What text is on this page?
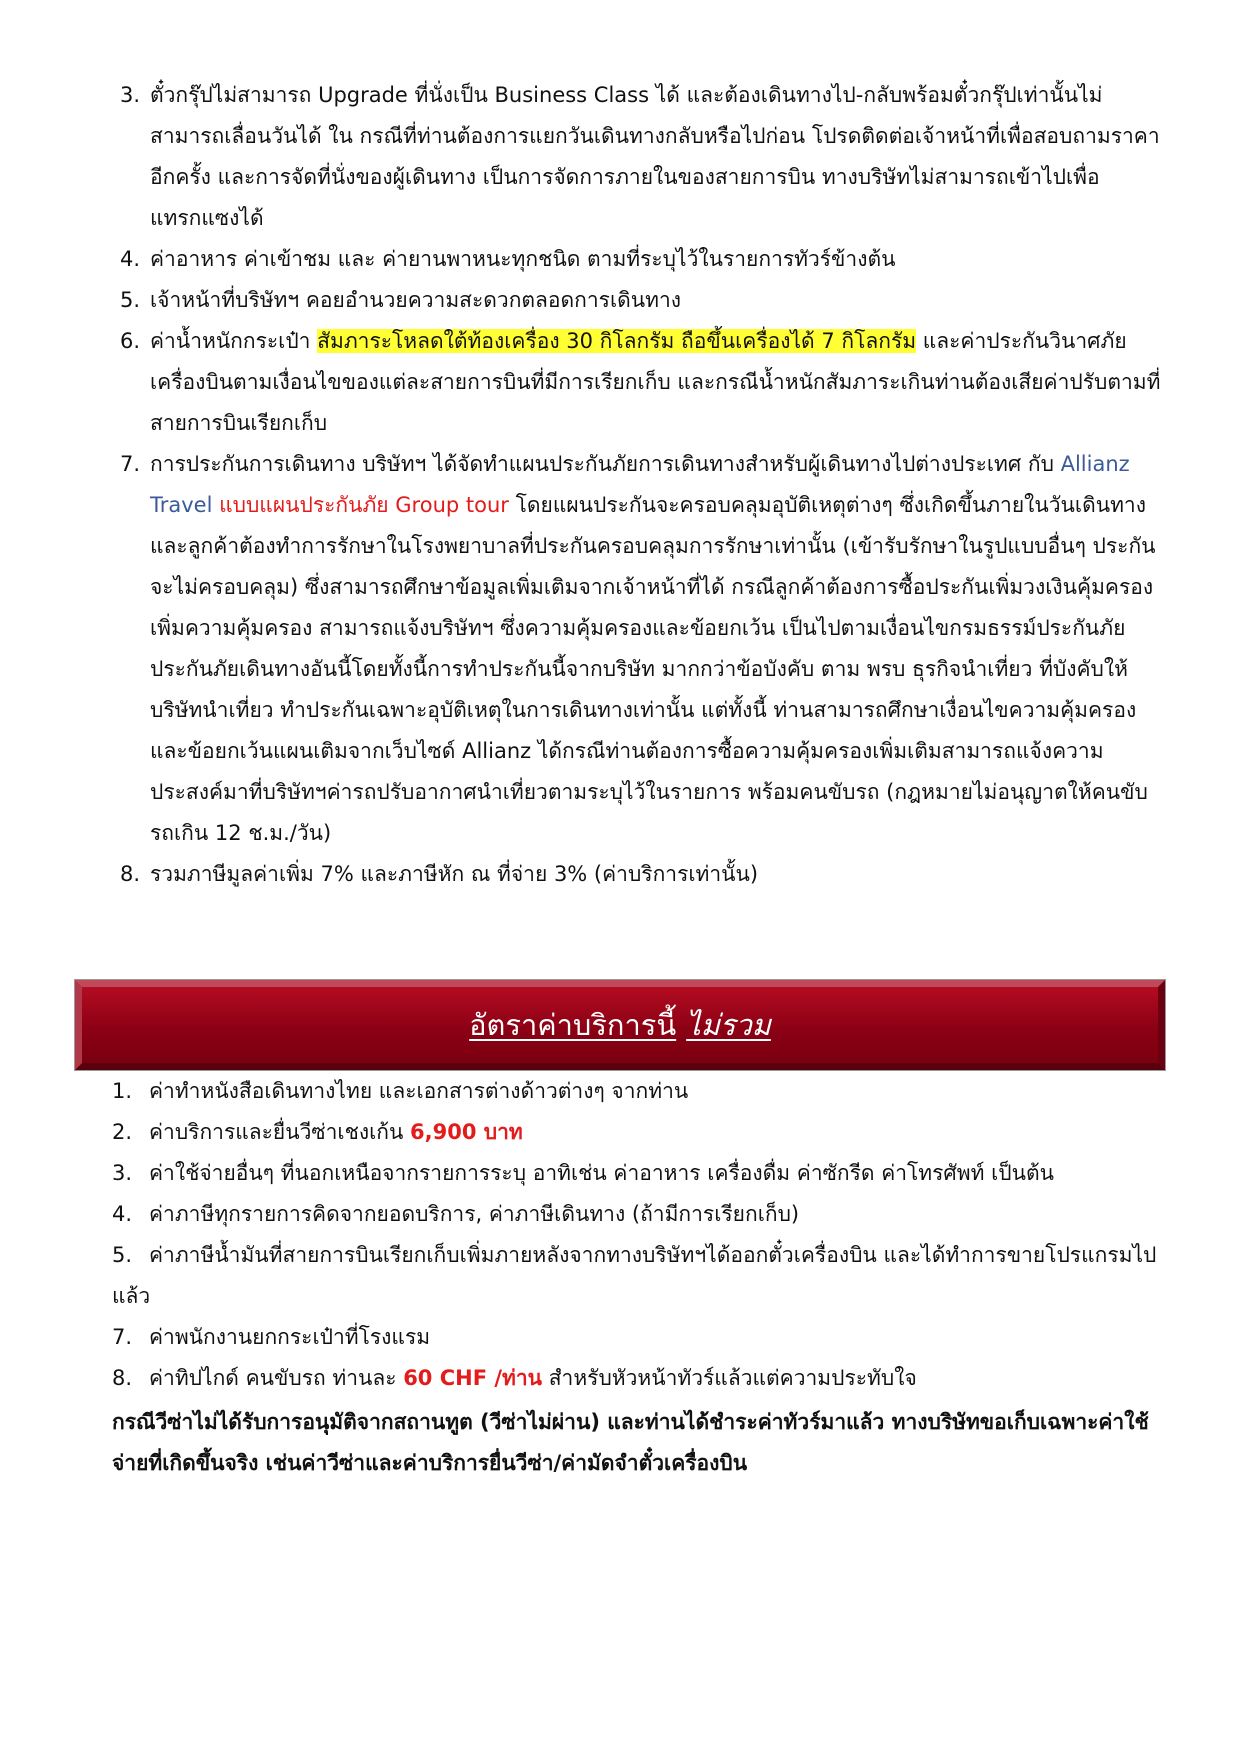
3. ตั๋วกรุ๊ปไม่สามารถ Upgrade ที่นั่งเป็น Business Class ได้ และต้องเดินทางไป-กลับพร้อมตั๋วกรุ๊ปเท่านั้นไม่สามารถเลื่อนวันได้ ใน กรณีที่ท่านต้องการแยกวันเดินทางกลับหรือไปก่อน โปรดติดต่อเจ้าหน้าที่เพื่อสอบถามราคาอีกครั้ง และการจัดที่นั่งของผู้เดินทาง เป็นการจัดการภายในของสายการบิน ทางบริษัทไม่สามารถเข้าไปเพื่อแทรกแซงได้
4. ค่าอาหาร ค่าเข้าชม และ ค่ายานพาหนะทุกชนิด ตามที่ระบุไว้ในรายการทัวร์ข้างต้น
5. เจ้าหน้าที่บริษัทฯ คอยอำนวยความสะดวกตลอดการเดินทาง
6. ค่าน้ำหนักกระเป๋า สัมภาระโหลดใต้ท้องเครื่อง 30 กิโลกรัม ถือขึ้นเครื่องได้ 7 กิโลกรัม และค่าประกันวินาศภัยเครื่องบินตามเงื่อนไขของแต่ละสายการบินที่มีการเรียกเก็บ และกรณีน้ำหนักสัมภาระเกินท่านต้องเสียค่าปรับตามที่สายการบินเรียกเก็บ
7. การประกันการเดินทาง บริษัทฯ ได้จัดทำแผนประกันภัยการเดินทางสำหรับผู้เดินทางไปต่างประเทศ กับ Allianz Travel แบบแผนประกันภัย Group tour โดยแผนประกันจะครอบคลุมอุบัติเหตุต่างๆ ซึ่งเกิดขึ้นภายในวันเดินทาง และลูกค้าต้องทำการรักษาในโรงพยาบาลที่ประกันครอบคลุมการรักษาเท่านั้น (เข้ารับรักษาในรูปแบบอื่นๆ ประกันจะไม่ครอบคลุม) ซึ่งสามารถศึกษาข้อมูลเพิ่มเติมจากเจ้าหน้าที่ได้ กรณีลูกค้าต้องการซื้อประกันเพิ่มวงเงินคุ้มครอง เพิ่มความคุ้มครอง สามารถแจ้งบริษัทฯ ซึ่งความคุ้มครองและข้อยกเว้น เป็นไปตามเงื่อนไขกรมธรรม์ประกันภัย ประกันภัยเดินทางอันนี้โดยทั้งนี้การทำประกันนี้จากบริษัท มากกว่าข้อบังคับ ตาม พรบ ธุรกิจนำเที่ยว ที่บังคับให้บริษัทนำเที่ยว ทำประกันเฉพาะอุบัติเหตุในการเดินทางเท่านั้น แต่ทั้งนี้ ท่านสามารถศึกษาเงื่อนไขความคุ้มครองและข้อยกเว้นแผนเติมจากเว็บไซด์ Allianz ได้กรณีท่านต้องการซื้อความคุ้มครองเพิ่มเติมสามารถแจ้งความประสงค์มาที่บริษัทฯค่ารถปรับอากาศนำเที่ยวตามระบุไว้ในรายการ พร้อมคนขับรถ (กฎหมายไม่อนุญาตให้คนขับรถเกิน 12 ช.ม./วัน)
8. รวมภาษีมูลค่าเพิ่ม 7% และภาษีหัก ณ ที่จ่าย 3% (ค่าบริการเท่านั้น)
อัตราค่าบริการนี้ ไม่รวม
1. ค่าทำหนังสือเดินทางไทย และเอกสารต่างด้าวต่างๆ จากท่าน
2. ค่าบริการและยื่นวีซ่าเชงเก้น 6,900 บาท
3. ค่าใช้จ่ายอื่นๆ ที่นอกเหนือจากรายการระบุ อาทิเช่น ค่าอาหาร เครื่องดื่ม ค่าซักรีด ค่าโทรศัพท์ เป็นต้น
4. ค่าภาษีทุกรายการคิดจากยอดบริการ, ค่าภาษีเดินทาง (ถ้ามีการเรียกเก็บ)
5. ค่าภาษีน้ำมันที่สายการบินเรียกเก็บเพิ่มภายหลังจากทางบริษัทฯได้ออกตั๋วเครื่องบิน และได้ทำการขายโปรแกรมไปแล้ว
7. ค่าพนักงานยกกระเป๋าที่โรงแรม
8. ค่าทิปไกด์ คนขับรถ ท่านละ 60 CHF /ท่าน สำหรับหัวหน้าทัวร์แล้วแต่ความประทับใจ
กรณีวีซ่าไม่ได้รับการอนุมัติจากสถานทูต (วีซ่าไม่ผ่าน) และท่านได้ชำระค่าทัวร์มาแล้ว ทางบริษัทขอเก็บเฉพาะค่าใช้จ่ายที่เกิดขึ้นจริง เช่นค่าวีซ่าและค่าบริการยื่นวีซ่า/ค่ามัดจำตั๋วเครื่องบิน
